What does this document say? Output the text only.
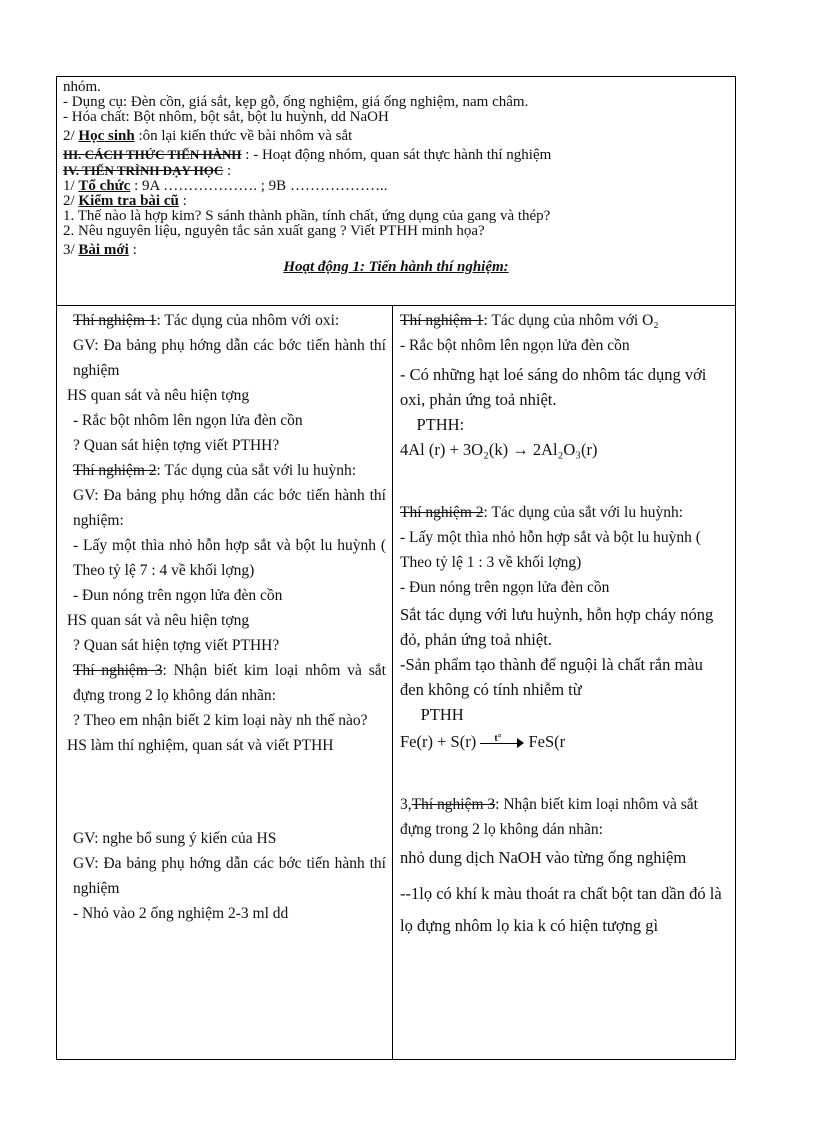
nhóm.
- Dụng cụ: Đèn cồn, giá sắt, kẹp gỗ, ống nghiệm, giá ống nghiệm, nam châm.
- Hóa chất: Bột nhôm, bột sắt, bột lu huỳnh, dd NaOH
2/ Học sinh :ôn lại kiến thức về bài nhôm và sắt
III. CÁCH THỨC TIẾN HÀNH : - Hoạt động nhóm, quan sát thực hành thí nghiệm
IV. TIẾN TRÌNH DẠY HỌC :
1/ Tổ chức : 9A ………………. ; 9B ………………..
2/ Kiểm tra bài cũ :
1. Thế nào là hợp kim? S sánh thành phần, tính chất, ứng dụng của gang và thép?
2. Nêu nguyên liệu, nguyên tắc sản xuất gang ? Viết PTHH minh họa?
3/ Bài mới :
Hoạt động 1: Tiến hành thí nghiệm:

Thí nghiệm 1: Tác dụng của nhôm với oxi:

GV: Đa bảng phụ hớng dẫn các bớc tiến hành thí nghiệm

HS quan sát và nêu hiện tợng

- Rắc bột nhôm lên ngọn lửa đèn cồn

? Quan sát hiện tợng viết PTHH?

Thí nghiệm 2: Tác dụng của sắt với lu huỳnh:

GV: Đa bảng phụ hớng dẫn các bớc tiến hành thí nghiệm:

- Lấy một thìa nhỏ hỗn hợp sắt và bột lu huỳnh ( Theo tỷ lệ 7 : 4 về khối lợng)

- Đun nóng trên ngọn lửa đèn cồn

HS quan sát và nêu hiện tợng

? Quan sát hiện tợng viết PTHH?

Thí nghiệm 3: Nhận biết kim loại nhôm và sắt đựng trong 2 lọ không dán nhãn:

? Theo em nhận biết 2 kim loại này nh thế nào?

HS làm thí nghiệm, quan sát và viết PTHH

GV: nghe bổ sung ý kiến của HS

GV: Đa bảng phụ hớng dẫn các bớc tiến hành thí nghiệm

- Nhỏ vào 2 ống nghiệm 2-3 ml dd

Thí nghiệm 1: Tác dụng của nhôm với O₂

- Rắc bột nhôm lên ngọn lửa đèn cồn

- Có những hạt loé sáng do nhôm tác dụng với oxi, phản ứng toả nhiệt.

PTHH:

4Al (r) + 3O₂(k) → 2Al₂O₃(r)

Thí nghiệm 2: Tác dụng của sắt với lu huỳnh:

- Lấy một thìa nhỏ hỗn hợp sắt và bột lu huỳnh ( Theo tỷ lệ 1 : 3 về khối lợng)

- Đun nóng trên ngọn lửa đèn cồn

Sắt tác dụng với lưu huỳnh, hỗn hợp cháy nóng đỏ, phản ứng toả nhiệt.

-Sản phẩm tạo thành để nguội là chất rắn màu đen không có tính nhiễm từ

PTHH

Fe(r) + S(r) t° FeS(r

3,Thí nghiệm 3: Nhận biết kim loại nhôm và sắt đựng trong 2 lọ không dán nhãn:

nhỏ dung dịch NaOH vào từng ống nghiệm

--1lọ có khí k màu thoát ra chất bột tan dần đó là lọ đựng nhôm lọ kia k có hiện tượng gì
